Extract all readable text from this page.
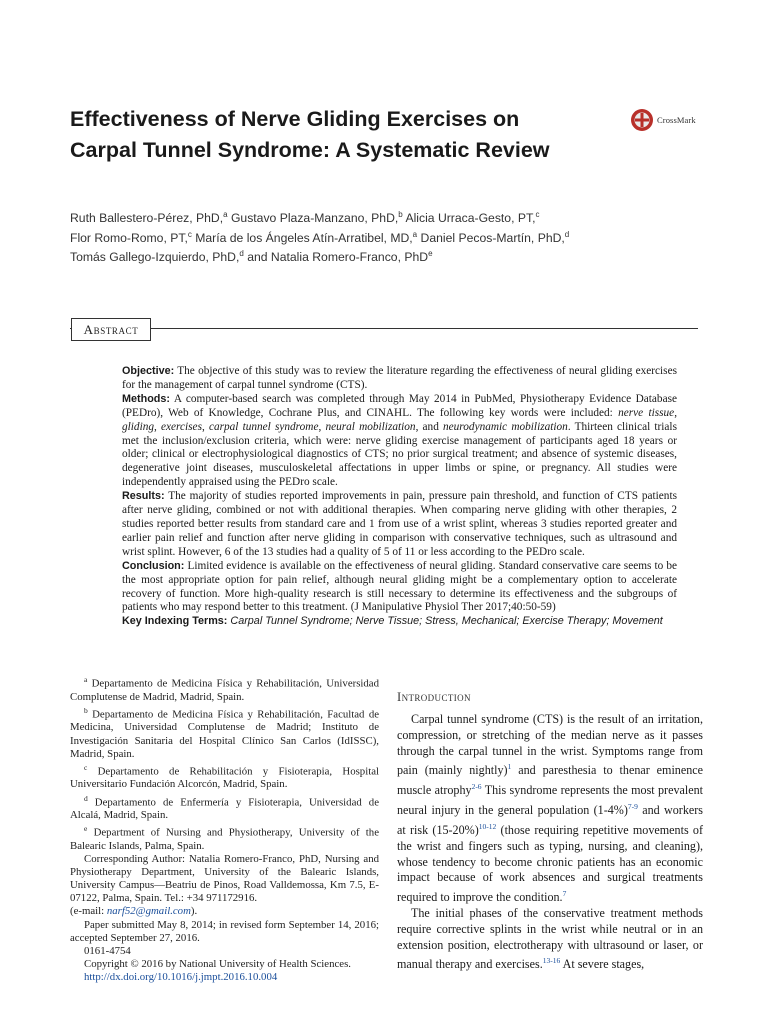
Effectiveness of Nerve Gliding Exercises on Carpal Tunnel Syndrome: A Systematic Review
CrossMark
Ruth Ballestero-Pérez, PhD,$^a$ Gustavo Plaza-Manzano, PhD,$^b$ Alicia Urraca-Gesto, PT,$^c$
Flor Romo-Romo, PT,$^c$ María de los Ángeles Atín-Arratibel, MD,$^a$ Daniel Pecos-Martín, PhD,$^d$
Tomás Gallego-Izquierdo, PhD,$^d$ and Natalia Romero-Franco, PhD$^e$
Abstract

Objective: The objective of this study was to review the literature regarding the effectiveness of neural gliding exercises for the management of carpal tunnel syndrome (CTS).

Methods: A computer-based search was completed through May 2014 in PubMed, Physiotherapy Evidence Database (PEDro), Web of Knowledge, Cochrane Plus, and CINAHL. The following key words were included: nerve tissue, gliding, exercises, carpal tunnel syndrome, neural mobilization, and neurodynamic mobilization. Thirteen clinical trials met the inclusion/exclusion criteria, which were: nerve gliding exercise management of participants aged 18 years or older; clinical or electrophysiological diagnostics of CTS; no prior surgical treatment; and absence of systemic diseases, degenerative joint diseases, musculoskeletal affectations in upper limbs or spine, or pregnancy. All studies were independently appraised using the PEDro scale.

Results: The majority of studies reported improvements in pain, pressure pain threshold, and function of CTS patients after nerve gliding, combined or not with additional therapies. When comparing nerve gliding with other therapies, 2 studies reported better results from standard care and 1 from use of a wrist splint, whereas 3 studies reported greater and earlier pain relief and function after nerve gliding in comparison with conservative techniques, such as ultrasound and wrist splint. However, 6 of the 13 studies had a quality of 5 of 11 or less according to the PEDro scale.

Conclusion: Limited evidence is available on the effectiveness of neural gliding. Standard conservative care seems to be the most appropriate option for pain relief, although neural gliding might be a complementary option to accelerate recovery of function. More high-quality research is still necessary to determine its effectiveness and the subgroups of patients who may respond better to this treatment. (J Manipulative Physiol Ther 2017;40:50-59)

Key Indexing Terms: Carpal Tunnel Syndrome; Nerve Tissue; Stress, Mechanical; Exercise Therapy; Movement

$^a$ Departamento de Medicina Física y Rehabilitación, Universidad Complutense de Madrid, Madrid, Spain.

$^b$ Departamento de Medicina Física y Rehabilitación, Facultad de Medicina, Universidad Complutense de Madrid; Instituto de Investigación Sanitaria del Hospital Clínico San Carlos (IdISSC), Madrid, Spain.

$^c$ Departamento de Rehabilitación y Fisioterapia, Hospital Universitario Fundación Alcorcón, Madrid, Spain.

$^d$ Departamento de Enfermería y Fisioterapia, Universidad de Alcalá, Madrid, Spain.

$^e$ Department of Nursing and Physiotherapy, University of the Balearic Islands, Palma, Spain.

Corresponding Author: Natalia Romero-Franco, PhD, Nursing and Physiotherapy Department, University of the Balearic Islands, University Campus—Beatriu de Pinos, Road Valldemossa, Km 7.5, E-07122, Palma, Spain. Tel.: +34 971172916.

(e-mail: narf52@gmail.com).

Paper submitted May 8, 2014; in revised form September 14, 2016; accepted September 27, 2016.

0161-4754

Copyright © 2016 by National University of Health Sciences.

http://dx.doi.org/10.1016/j.jmpt.2016.10.004

Introduction

Carpal tunnel syndrome (CTS) is the result of an irritation, compression, or stretching of the median nerve as it passes through the carpal tunnel in the wrist. Symptoms range from pain (mainly nightly)$^1$ and paresthesia to thenar eminence muscle atrophy$^{2-6}$ This syndrome represents the most prevalent neural injury in the general population $(1-4\%)^{7-9}$ and workers at risk $(15-20\%)^{10-12}$ (those requiring repetitive movements of the wrist and fingers such as typing, nursing, and cleaning), whose tendency to become chronic patients has an economic impact because of work absences and surgical treatments required to improve the condition.$^7$

The initial phases of the conservative treatment methods require corrective splints in the wrist while neutral or in an extension position, electrotherapy with ultrasound or laser, or manual therapy and exercises.$^{13-16}$ At severe stages,
